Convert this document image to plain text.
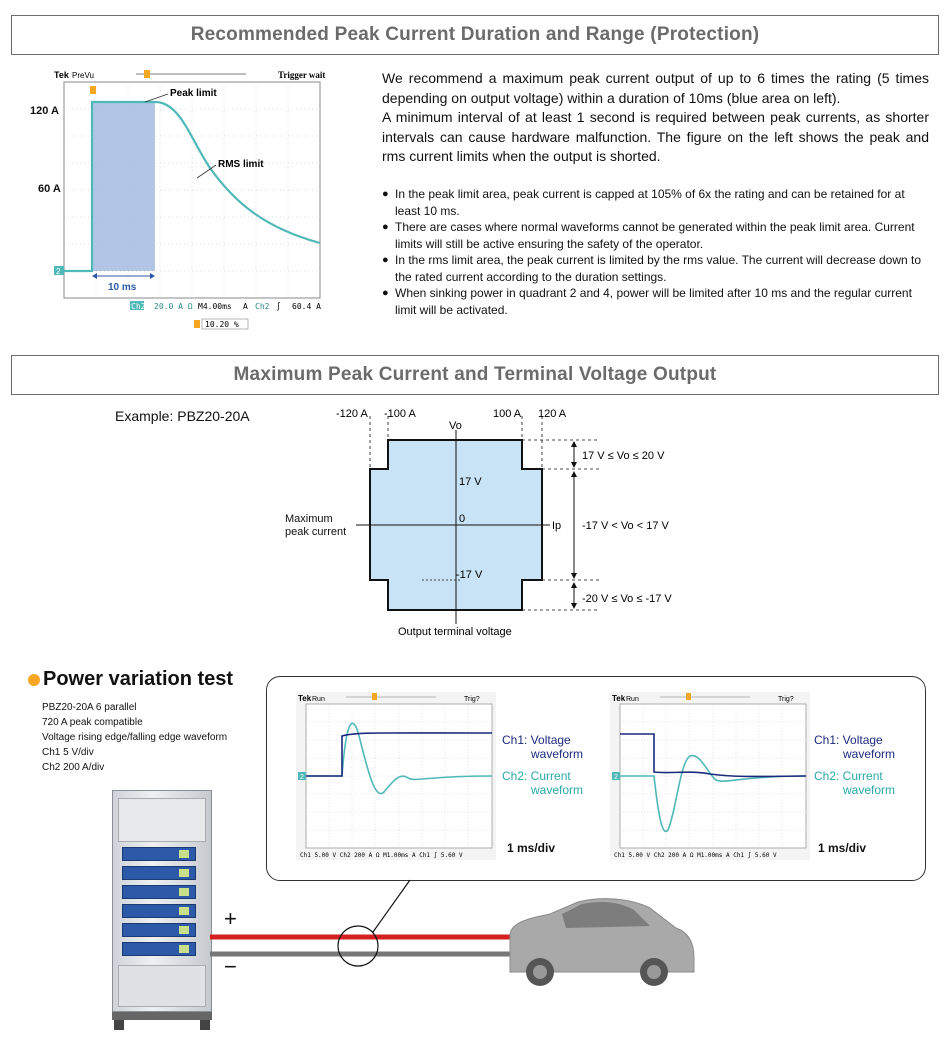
Recommended Peak Current Duration and Range (Protection)
Tek PreVu	Trigger wait
2
10 ms
Peak limit
RMS limit
Ch2 20.0 A Ω M4.00ms A Ch2 ∫ 60.4 A
10.20 %
120 A
60 A
We recommend a maximum peak current output of up to 6 times the rating (5 times depending on output voltage) within a duration of 10ms (blue area on left).
A minimum interval of at least 1 second is required between peak currents, as shorter intervals can cause hardware malfunction. The figure on the left shows the peak and rms current limits when the output is shorted.
● In the peak limit area, peak current is capped at 105% of 6x the rating and can be retained for at least 10 ms.
● There are cases where normal waveforms cannot be generated within the peak limit area. Current limits will still be active ensuring the safety of the operator.
● In the rms limit area, the peak current is limited by the rms value. The current will decrease down to the rated current according to the duration settings.
● When sinking power in quadrant 2 and 4, power will be limited after 10 ms and the regular current limit will be activated.
Maximum Peak Current and Terminal Voltage Output
Example: PBZ20-20A	-120 A -100 A	100 A 120 A
Vo
17 V
0
-17 V
Ip
17 V ≤ Vo ≤ 20 V
-17 V < Vo < 17 V
-20 V ≤ Vo ≤ -17 V
Output terminal voltage
Maximum
peak current
Power variation test
PBZ20-20A 6 parallel
720 A peak compatible
Voltage rising edge/falling edge waveform
Ch1 5 V/div
Ch2 200 A/div
Tek Run	Trig?
2
Ch1 5.00 V Ch2 200 A Ω M1.00ms A Ch1 ∫ 5.60 V
Ch1: Voltage
waveform
Ch2: Current
waveform
1 ms/div
Tek Run	Trig?
2
Ch1 5.00 V Ch2 200 A Ω M1.00ms A Ch1 ∫ 5.60 V
Ch1: Voltage
waveform
Ch2: Current
waveform
1 ms/div
+
−
